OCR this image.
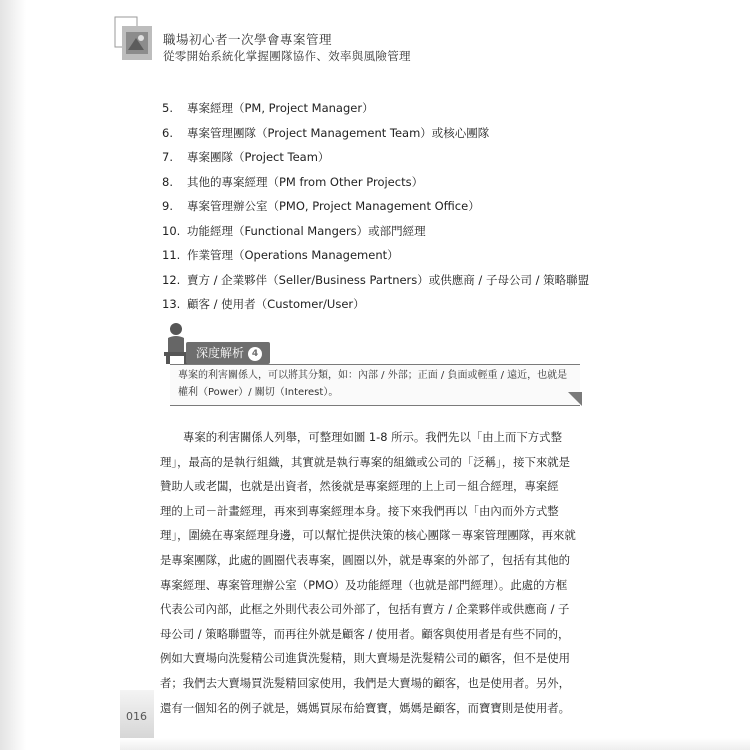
職場初心者一次學會專案管理
從零開始系統化掌握團隊協作、效率與風險管理
5.	專案經理（PM, Project Manager）
6.	專案管理團隊（Project Management Team）或核心團隊
7.	專案團隊（Project Team）
8.	其他的專案經理（PM from Other Projects）
9.	專案管理辦公室（PMO, Project Management Office）
10. 功能經理（Functional Mangers）或部門經理
11. 作業管理（Operations Management）
12. 賣方 / 企業夥伴（Seller/Business Partners）或供應商 / 子母公司 / 策略聯盟
13. 顧客 / 使用者（Customer/User）
深度解析 4
專案的利害關係人，可以將其分類，如：內部 / 外部；正面 / 負面或輕重 / 遠近，也就是
權利（Power）/ 關切（Interest）。
專案的利害關係人列舉，可整理如圖 1-8 所示。我們先以「由上而下方式整
理」，最高的是執行組織，其實就是執行專案的組織或公司的「泛稱」，接下來就是
贊助人或老闆，也就是出資者，然後就是專案經理的上上司－組合經理，專案經
理的上司－計畫經理，再來到專案經理本身。接下來我們再以「由內而外方式整
理」，圍繞在專案經理身邊，可以幫忙提供決策的核心團隊－專案管理團隊，再來就
是專案團隊，此處的圓圈代表專案，圓圈以外，就是專案的外部了，包括有其他的
專案經理、專案管理辦公室（PMO）及功能經理（也就是部門經理）。此處的方框
代表公司內部，此框之外則代表公司外部了，包括有賣方 / 企業夥伴或供應商 / 子
母公司 / 策略聯盟等，而再往外就是顧客 / 使用者。顧客與使用者是有些不同的，
例如大賣場向洗髮精公司進貨洗髮精，則大賣場是洗髮精公司的顧客，但不是使用
者；我們去大賣場買洗髮精回家使用，我們是大賣場的顧客，也是使用者。另外，
還有一個知名的例子就是，媽媽買尿布給寶寶，媽媽是顧客，而寶寶則是使用者。
016
